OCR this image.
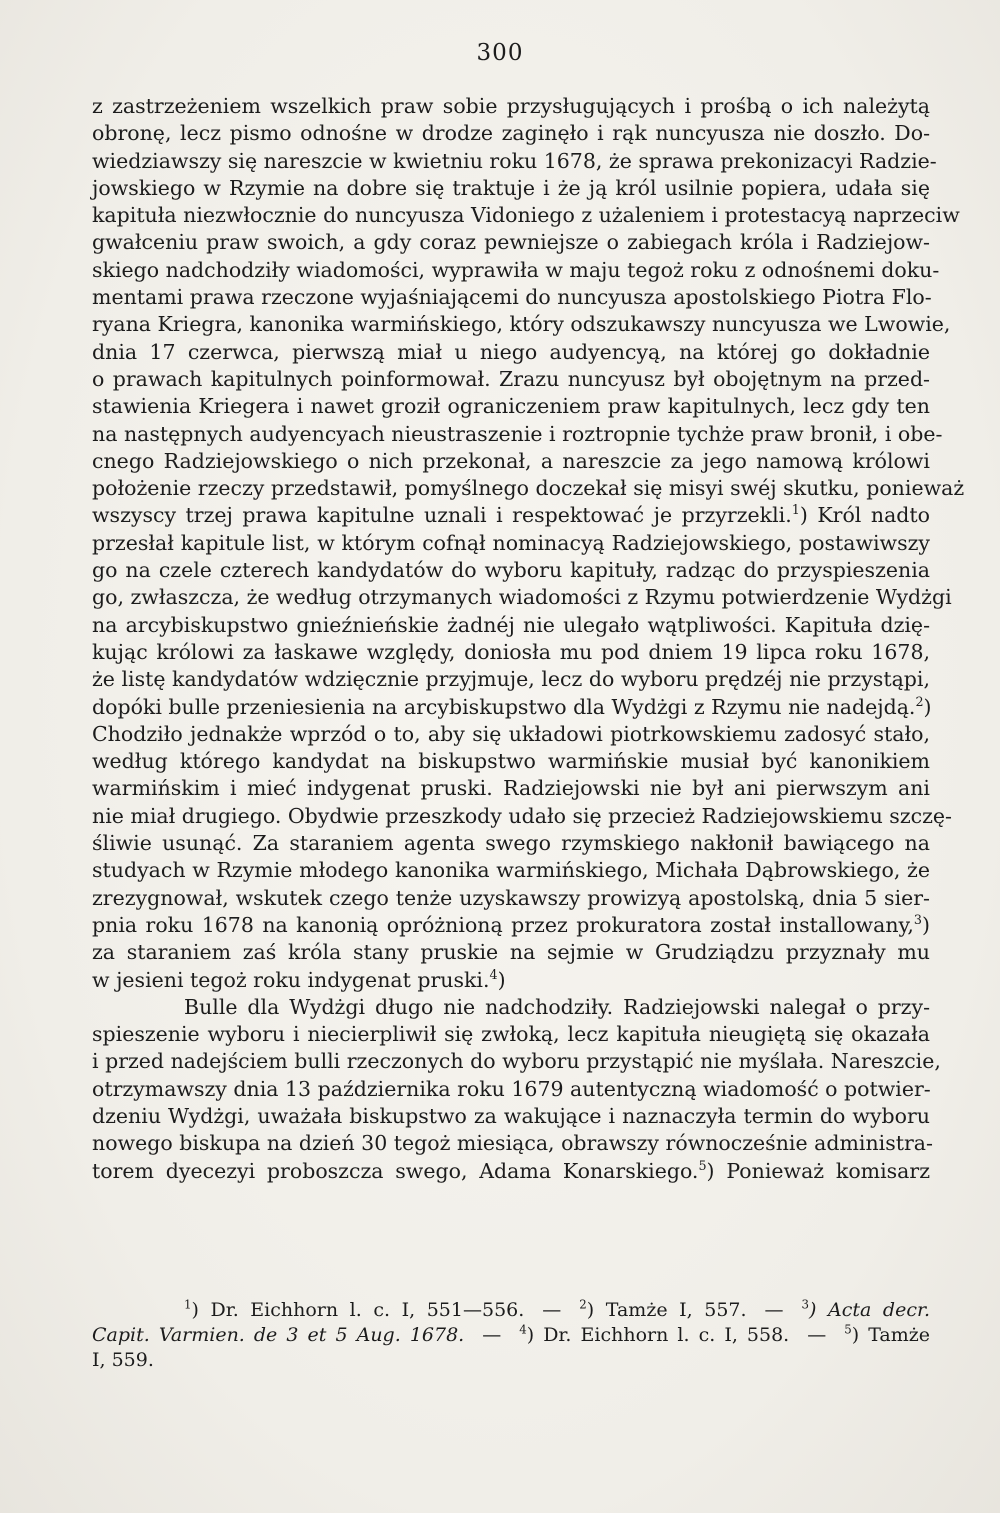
300
z zastrzeżeniem wszelkich praw sobie przysługujących i prośbą o ich należytą
obronę, lecz pismo odnośne w drodze zaginęło i rąk nuncyusza nie doszło. Do-
wiedziawszy się nareszcie w kwietniu roku 1678, że sprawa prekonizacyi Radzie-
jowskiego w Rzymie na dobre się traktuje i że ją król usilnie popiera, udała się
kapituła niezwłocznie do nuncyusza Vidoniego z użaleniem i protestacyą naprzeciw
gwałceniu praw swoich, a gdy coraz pewniejsze o zabiegach króla i Radziejow-
skiego nadchodziły wiadomości, wyprawiła w maju tegoż roku z odnośnemi doku-
mentami prawa rzeczone wyjaśniającemi do nuncyusza apostolskiego Piotra Flo-
ryana Kriegra, kanonika warmińskiego, który odszukawszy nuncyusza we Lwowie,
dnia 17 czerwca, pierwszą miał u niego audyencyą, na której go dokładnie
o prawach kapitulnych poinformował. Zrazu nuncyusz był obojętnym na przed-
stawienia Kriegera i nawet groził ograniczeniem praw kapitulnych, lecz gdy ten
na następnych audyencyach nieustraszenie i roztropnie tychże praw bronił, i obe-
cnego Radziejowskiego o nich przekonał, a nareszcie za jego namową królowi
położenie rzeczy przedstawił, pomyślnego doczekał się misyi swéj skutku, ponieważ
wszyscy trzej prawa kapitulne uznali i respektować je przyrzekli.$^1$) Król nadto
przesłał kapitule list, w którym cofnął nominacyą Radziejowskiego, postawiwszy
go na czele czterech kandydatów do wyboru kapituły, radząc do przyspieszenia
go, zwłaszcza, że według otrzymanych wiadomości z Rzymu potwierdzenie Wydżgi
na arcybiskupstwo gnieźnieńskie żadnéj nie ulegało wątpliwości. Kapituła dzię-
kując królowi za łaskawe względy, doniosła mu pod dniem 19 lipca roku 1678,
że listę kandydatów wdzięcznie przyjmuje, lecz do wyboru prędzéj nie przystąpi,
dopóki bulle przeniesienia na arcybiskupstwo dla Wydżgi z Rzymu nie nadejdą.$^2$)
Chodziło jednakże wprzód o to, aby się układowi piotrkowskiemu zadosyć stało,
według którego kandydat na biskupstwo warmińskie musiał być kanonikiem
warmińskim i mieć indygenat pruski. Radziejowski nie był ani pierwszym ani
nie miał drugiego. Obydwie przeszkody udało się przecież Radziejowskiemu szczę-
śliwie usunąć. Za staraniem agenta swego rzymskiego nakłonił bawiącego na
studyach w Rzymie młodego kanonika warmińskiego, Michała Dąbrowskiego, że
zrezygnował, wskutek czego tenże uzyskawszy prowizyą apostolską, dnia 5 sier-
pnia roku 1678 na kanonią opróżnioną przez prokuratora został installowany,$^3$)
za staraniem zaś króla stany pruskie na sejmie w Grudziądzu przyznały mu
w jesieni tegoż roku indygenat pruski.$^4$)
Bulle dla Wydżgi długo nie nadchodziły. Radziejowski nalegał o przy-
spieszenie wyboru i niecierpliwił się zwłoką, lecz kapituła nieugiętą się okazała
i przed nadejściem bulli rzeczonych do wyboru przystąpić nie myślała. Nareszcie,
otrzymawszy dnia 13 października roku 1679 autentyczną wiadomość o potwier-
dzeniu Wydżgi, uważała biskupstwo za wakujące i naznaczyła termin do wyboru
nowego biskupa na dzień 30 tegoż miesiąca, obrawszy równocześnie administra-
torem dyecezyi proboszcza swego, Adama Konarskiego.$^5$) Ponieważ komisarz
$^1$) Dr. Eichhorn l. c. I, 551—556. — $^2$) Tamże I, 557. — $^3$) Acta decr.
Capit. Varmien. de 3 et 5 Aug. 1678. — $^4$) Dr. Eichhorn l. c. I, 558. — $^5$) Tamże
I, 559.
